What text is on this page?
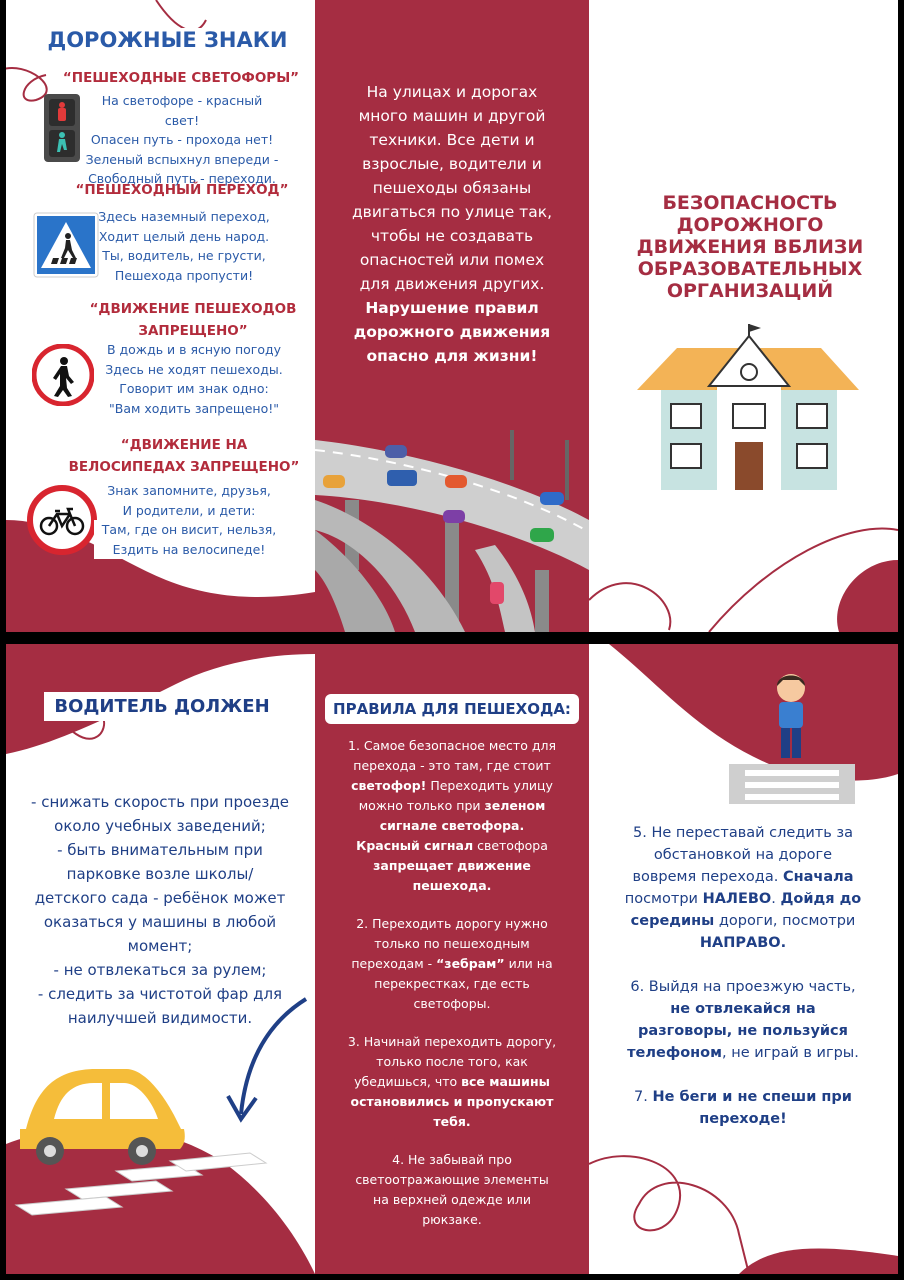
ДОРОЖНЫЕ ЗНАКИ
“ПЕШЕХОДНЫЕ СВЕТОФОРЫ”
На светофоре - красный свет!
Опасен путь - прохода нет!
Зеленый вспыхнул впереди -
Свободный путь - переходи.
“ПЕШЕХОДНЫЙ ПЕРЕХОД”
Здесь наземный переход,
Ходит целый день народ.
Ты, водитель, не грусти,
Пешехода пропусти!
“ДВИЖЕНИЕ ПЕШЕХОДОВ
ЗАПРЕЩЕНО”
В дождь и в ясную погоду
Здесь не ходят пешеходы.
Говорит им знак одно:
"Вам ходить запрещено!"
“ДВИЖЕНИЕ НА
ВЕЛОСИПЕДАХ ЗАПРЕЩЕНО”
Знак запомните, друзья,
И родители, и дети:
Там, где он висит, нельзя,
Ездить на велосипеде!
На улицах и дорогах
много машин и другой
техники. Все дети и
взрослые, водители и
пешеходы обязаны
двигаться по улице так,
чтобы не создавать
опасностей или помех
для движения других.
Нарушение правил
дорожного движения
опасно для жизни!
БЕЗОПАСНОСТЬ
ДОРОЖНОГО
ДВИЖЕНИЯ ВБЛИЗИ
ОБРАЗОВАТЕЛЬНЫХ
ОРГАНИЗАЦИЙ
ВОДИТЕЛЬ ДОЛЖЕН
- снижать скорость при проезде
около учебных заведений;
- быть внимательным при
парковке возле школы/
детского сада - ребёнок может
оказаться у машины в любой
момент;
- не отвлекаться за рулем;
- следить за чистотой фар для
наилучшей видимости.
ПРАВИЛА ДЛЯ ПЕШЕХОДА:
1. Самое безопасное место для
перехода - это там, где стоит
светофор! Переходить улицу
можно только при зеленом
сигнале светофора.
Красный сигнал светофора
запрещает движение
пешехода.
2. Переходить дорогу нужно
только по пешеходным
переходам - “зебрам” или на
перекрестках, где есть
светофоры.
3. Начинай переходить дорогу,
только после того, как
убедишься, что все машины
остановились и пропускают
тебя.
4. Не забывай про
светоотражающие элементы
на верхней одежде или
рюкзаке.
5. Не переставай следить за
обстановкой на дороге
вовремя перехода. Сначала
посмотри НАЛЕВО. Дойдя до
середины дороги, посмотри
НАПРАВО.
6. Выйдя на проезжую часть,
не отвлекайся на
разговоры, не пользуйся
телефоном, не играй в игры.
7. Не беги и не спеши при
переходе!
